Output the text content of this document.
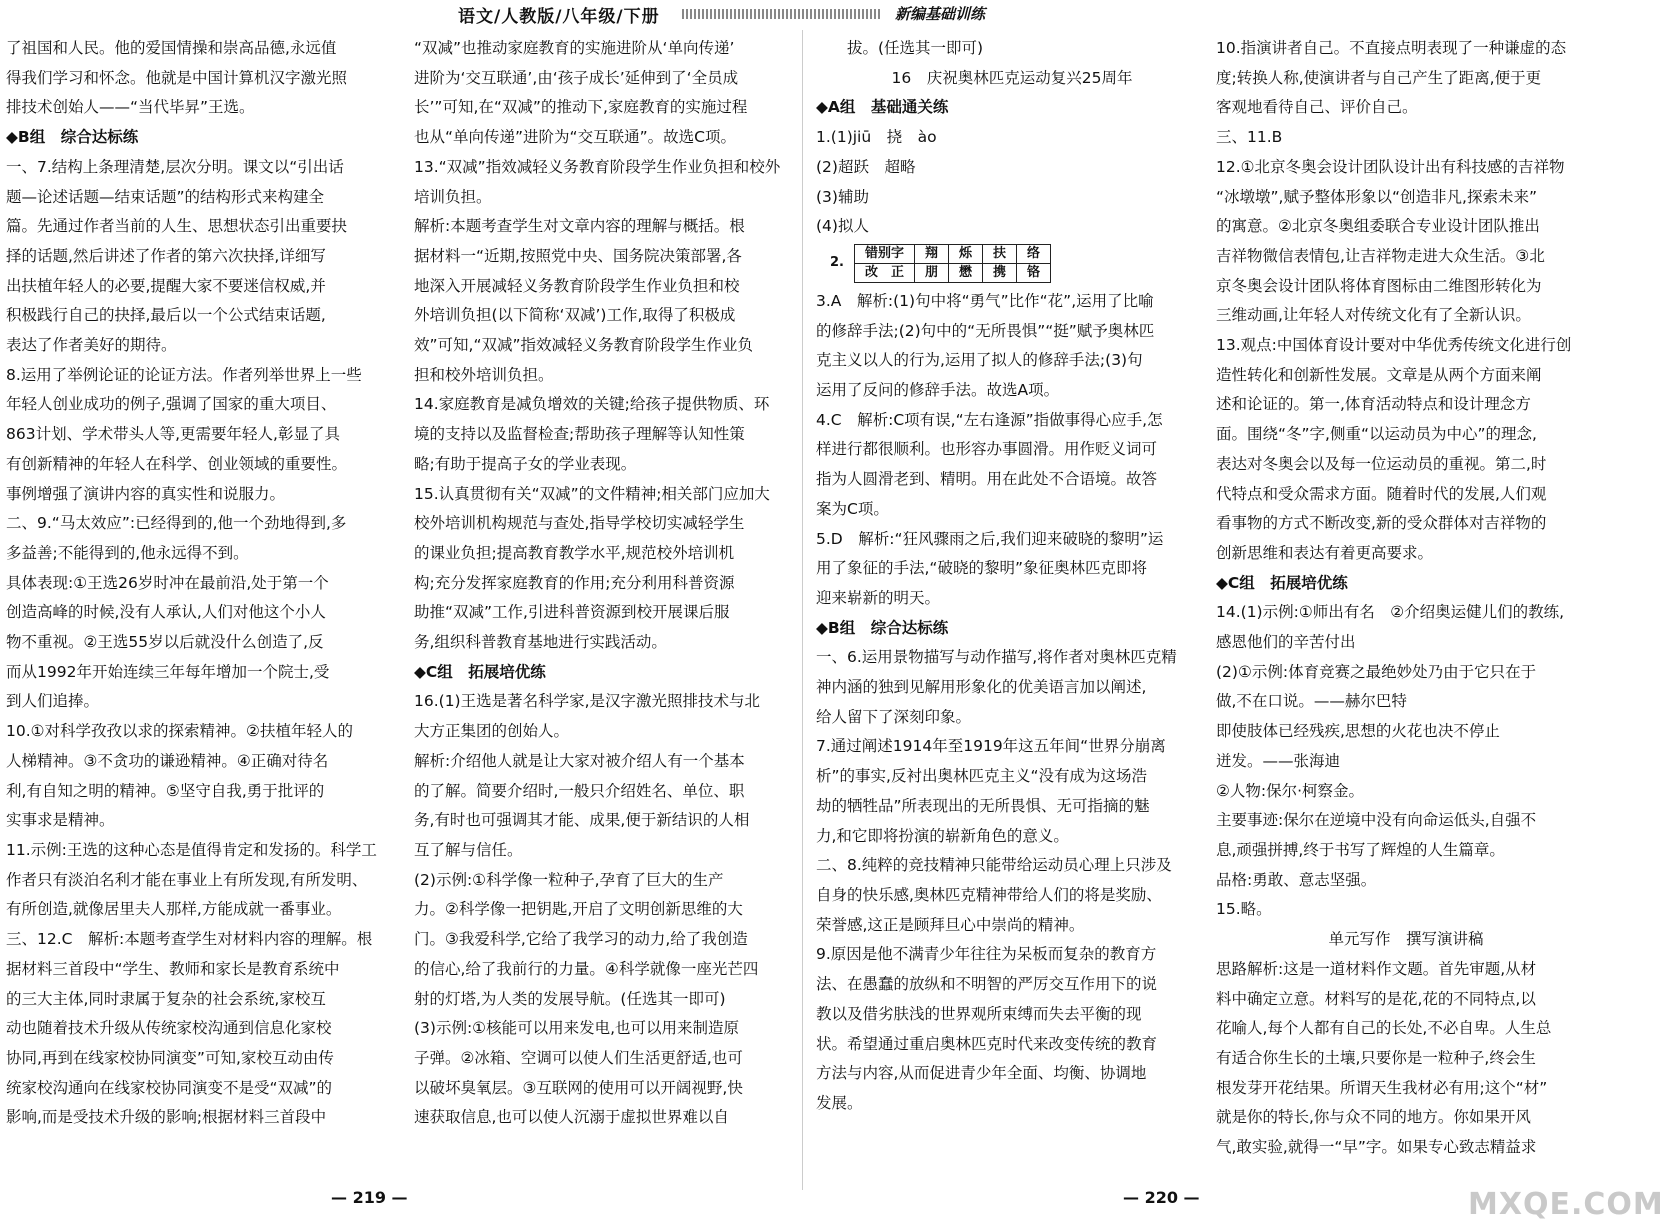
语文/人教版/八年级/下册	新编基础训练

了祖国和人民。他的爱国情操和崇高品德,永远值

得我们学习和怀念。他就是中国计算机汉字激光照

排技术创始人——“当代毕昇”王选。

◆B组　综合达标练

一、7.结构上条理清楚,层次分明。课文以“引出话

题—论述话题—结束话题”的结构形式来构建全

篇。先通过作者当前的人生、思想状态引出重要抉

择的话题,然后讲述了作者的第六次抉择,详细写

出扶植年轻人的必要,提醒大家不要迷信权威,并

积极践行自己的抉择,最后以一个公式结束话题,

表达了作者美好的期待。

8.运用了举例论证的论证方法。作者列举世界上一些

年轻人创业成功的例子,强调了国家的重大项目、

863计划、学术带头人等,更需要年轻人,彰显了具

有创新精神的年轻人在科学、创业领域的重要性。

事例增强了演讲内容的真实性和说服力。

二、9.“马太效应”:已经得到的,他一个劲地得到,多

多益善;不能得到的,他永远得不到。

具体表现:①王选26岁时冲在最前沿,处于第一个

创造高峰的时候,没有人承认,人们对他这个小人

物不重视。②王选55岁以后就没什么创造了,反

而从1992年开始连续三年每年增加一个院士,受

到人们追捧。

10.①对科学孜孜以求的探索精神。②扶植年轻人的

人梯精神。③不贪功的谦逊精神。④正确对待名

利,有自知之明的精神。⑤坚守自我,勇于批评的

实事求是精神。

11.示例:王选的这种心态是值得肯定和发扬的。科学工

作者只有淡泊名利才能在事业上有所发现,有所发明、

有所创造,就像居里夫人那样,方能成就一番事业。

三、12.C　解析:本题考查学生对材料内容的理解。根

据材料三首段中“学生、教师和家长是教育系统中

的三大主体,同时隶属于复杂的社会系统,家校互

动也随着技术升级从传统家校沟通到信息化家校

协同,再到在线家校协同演变”可知,家校互动由传

统家校沟通向在线家校协同演变不是受“双减”的

影响,而是受技术升级的影响;根据材料三首段中

“双减”也推动家庭教育的实施进阶从‘单向传递’

进阶为‘交互联通’,由‘孩子成长’延伸到了‘全员成

长’”可知,在“双减”的推动下,家庭教育的实施过程

也从“单向传递”进阶为“交互联通”。故选C项。

13.“双减”指效减轻义务教育阶段学生作业负担和校外

培训负担。

解析:本题考查学生对文章内容的理解与概括。根

据材料一“近期,按照党中央、国务院决策部署,各

地深入开展减轻义务教育阶段学生作业负担和校

外培训负担(以下简称‘双减’)工作,取得了积极成

效”可知,“双减”指效减轻义务教育阶段学生作业负

担和校外培训负担。

14.家庭教育是减负增效的关键;给孩子提供物质、环

境的支持以及监督检查;帮助孩子理解等认知性策

略;有助于提高子女的学业表现。

15.认真贯彻有关“双减”的文件精神;相关部门应加大

校外培训机构规范与查处,指导学校切实减轻学生

的课业负担;提高教育教学水平,规范校外培训机

构;充分发挥家庭教育的作用;充分利用科普资源

助推“双减”工作,引进科普资源到校开展课后服

务,组织科普教育基地进行实践活动。

◆C组　拓展培优练

16.(1)王选是著名科学家,是汉字激光照排技术与北

大方正集团的创始人。

解析:介绍他人就是让大家对被介绍人有一个基本

的了解。简要介绍时,一般只介绍姓名、单位、职

务,有时也可强调其才能、成果,便于新结识的人相

互了解与信任。

(2)示例:①科学像一粒种子,孕育了巨大的生产

力。②科学像一把钥匙,开启了文明创新思维的大

门。③我爱科学,它给了我学习的动力,给了我创造

的信心,给了我前行的力量。④科学就像一座光芒四

射的灯塔,为人类的发展导航。(任选其一即可)

(3)示例:①核能可以用来发电,也可以用来制造原

子弹。②冰箱、空调可以使人们生活更舒适,也可

以破坏臭氧层。③互联网的使用可以开阔视野,快

速获取信息,也可以使人沉溺于虚拟世界难以自

　　拔。(任选其一即可)

16　庆祝奥林匹克运动复兴25周年

◆A组　基础通关练

1.(1)jiū　挠　ào

(2)超跃　超略

(3)辅助

(4)拟人

2.	错别字	翔	烁	扶	络
	改　正	朋	懋	携	铬

3.A　解析:(1)句中将“勇气”比作“花”,运用了比喻

的修辞手法;(2)句中的“无所畏惧”“挺”赋予奥林匹

克主义以人的行为,运用了拟人的修辞手法;(3)句

运用了反问的修辞手法。故选A项。

4.C　解析:C项有误,“左右逢源”指做事得心应手,怎

样进行都很顺利。也形容办事圆滑。用作贬义词可

指为人圆滑老到、精明。用在此处不合语境。故答

案为C项。

5.D　解析:“狂风骤雨之后,我们迎来破晓的黎明”运

用了象征的手法,“破晓的黎明”象征奥林匹克即将

迎来崭新的明天。

◆B组　综合达标练

一、6.运用景物描写与动作描写,将作者对奥林匹克精

神内涵的独到见解用形象化的优美语言加以阐述,

给人留下了深刻印象。

7.通过阐述1914年至1919年这五年间“世界分崩离

析”的事实,反衬出奥林匹克主义“没有成为这场浩

劫的牺牲品”所表现出的无所畏惧、无可指摘的魅

力,和它即将扮演的崭新角色的意义。

二、8.纯粹的竞技精神只能带给运动员心理上只涉及

自身的快乐感,奥林匹克精神带给人们的将是奖励、

荣誉感,这正是顾拜旦心中崇尚的精神。

9.原因是他不满青少年往往为呆板而复杂的教育方

法、在愚蠢的放纵和不明智的严厉交互作用下的说

教以及借劣肤浅的世界观所束缚而失去平衡的现

状。希望通过重启奥林匹克时代来改变传统的教育

方法与内容,从而促进青少年全面、均衡、协调地

发展。

10.指演讲者自己。不直接点明表现了一种谦虚的态

度;转换人称,使演讲者与自己产生了距离,便于更

客观地看待自己、评价自己。

三、11.B

12.①北京冬奥会设计团队设计出有科技感的吉祥物

“冰墩墩”,赋予整体形象以“创造非凡,探索未来”

的寓意。②北京冬奥组委联合专业设计团队推出

吉祥物微信表情包,让吉祥物走进大众生活。③北

京冬奥会设计团队将体育图标由二维图形转化为

三维动画,让年轻人对传统文化有了全新认识。

13.观点:中国体育设计要对中华优秀传统文化进行创

造性转化和创新性发展。文章是从两个方面来阐

述和论证的。第一,体育活动特点和设计理念方

面。围绕“冬”字,侧重“以运动员为中心”的理念,

表达对冬奥会以及每一位运动员的重视。第二,时

代特点和受众需求方面。随着时代的发展,人们观

看事物的方式不断改变,新的受众群体对吉祥物的

创新思维和表达有着更高要求。

◆C组　拓展培优练

14.(1)示例:①师出有名　②介绍奥运健儿们的教练,

感恩他们的辛苦付出

(2)①示例:体育竞赛之最绝妙处乃由于它只在于

做,不在口说。——赫尔巴特

即使肢体已经残疾,思想的火花也决不停止

迸发。——张海迪

②人物:保尔·柯察金。

主要事迹:保尔在逆境中没有向命运低头,自强不

息,顽强拼搏,终于书写了辉煌的人生篇章。

品格:勇敢、意志坚强。

15.略。

单元写作　撰写演讲稿

思路解析:这是一道材料作文题。首先审题,从材

料中确定立意。材料写的是花,花的不同特点,以

花喻人,每个人都有自己的长处,不必自卑。人生总

有适合你生长的土壤,只要你是一粒种子,终会生

根发芽开花结果。所谓天生我材必有用;这个“材”

就是你的特长,你与众不同的地方。你如果开风

气,敢实验,就得一“早”字。如果专心致志精益求

— 219 —	— 220 —	MXQE.COM
